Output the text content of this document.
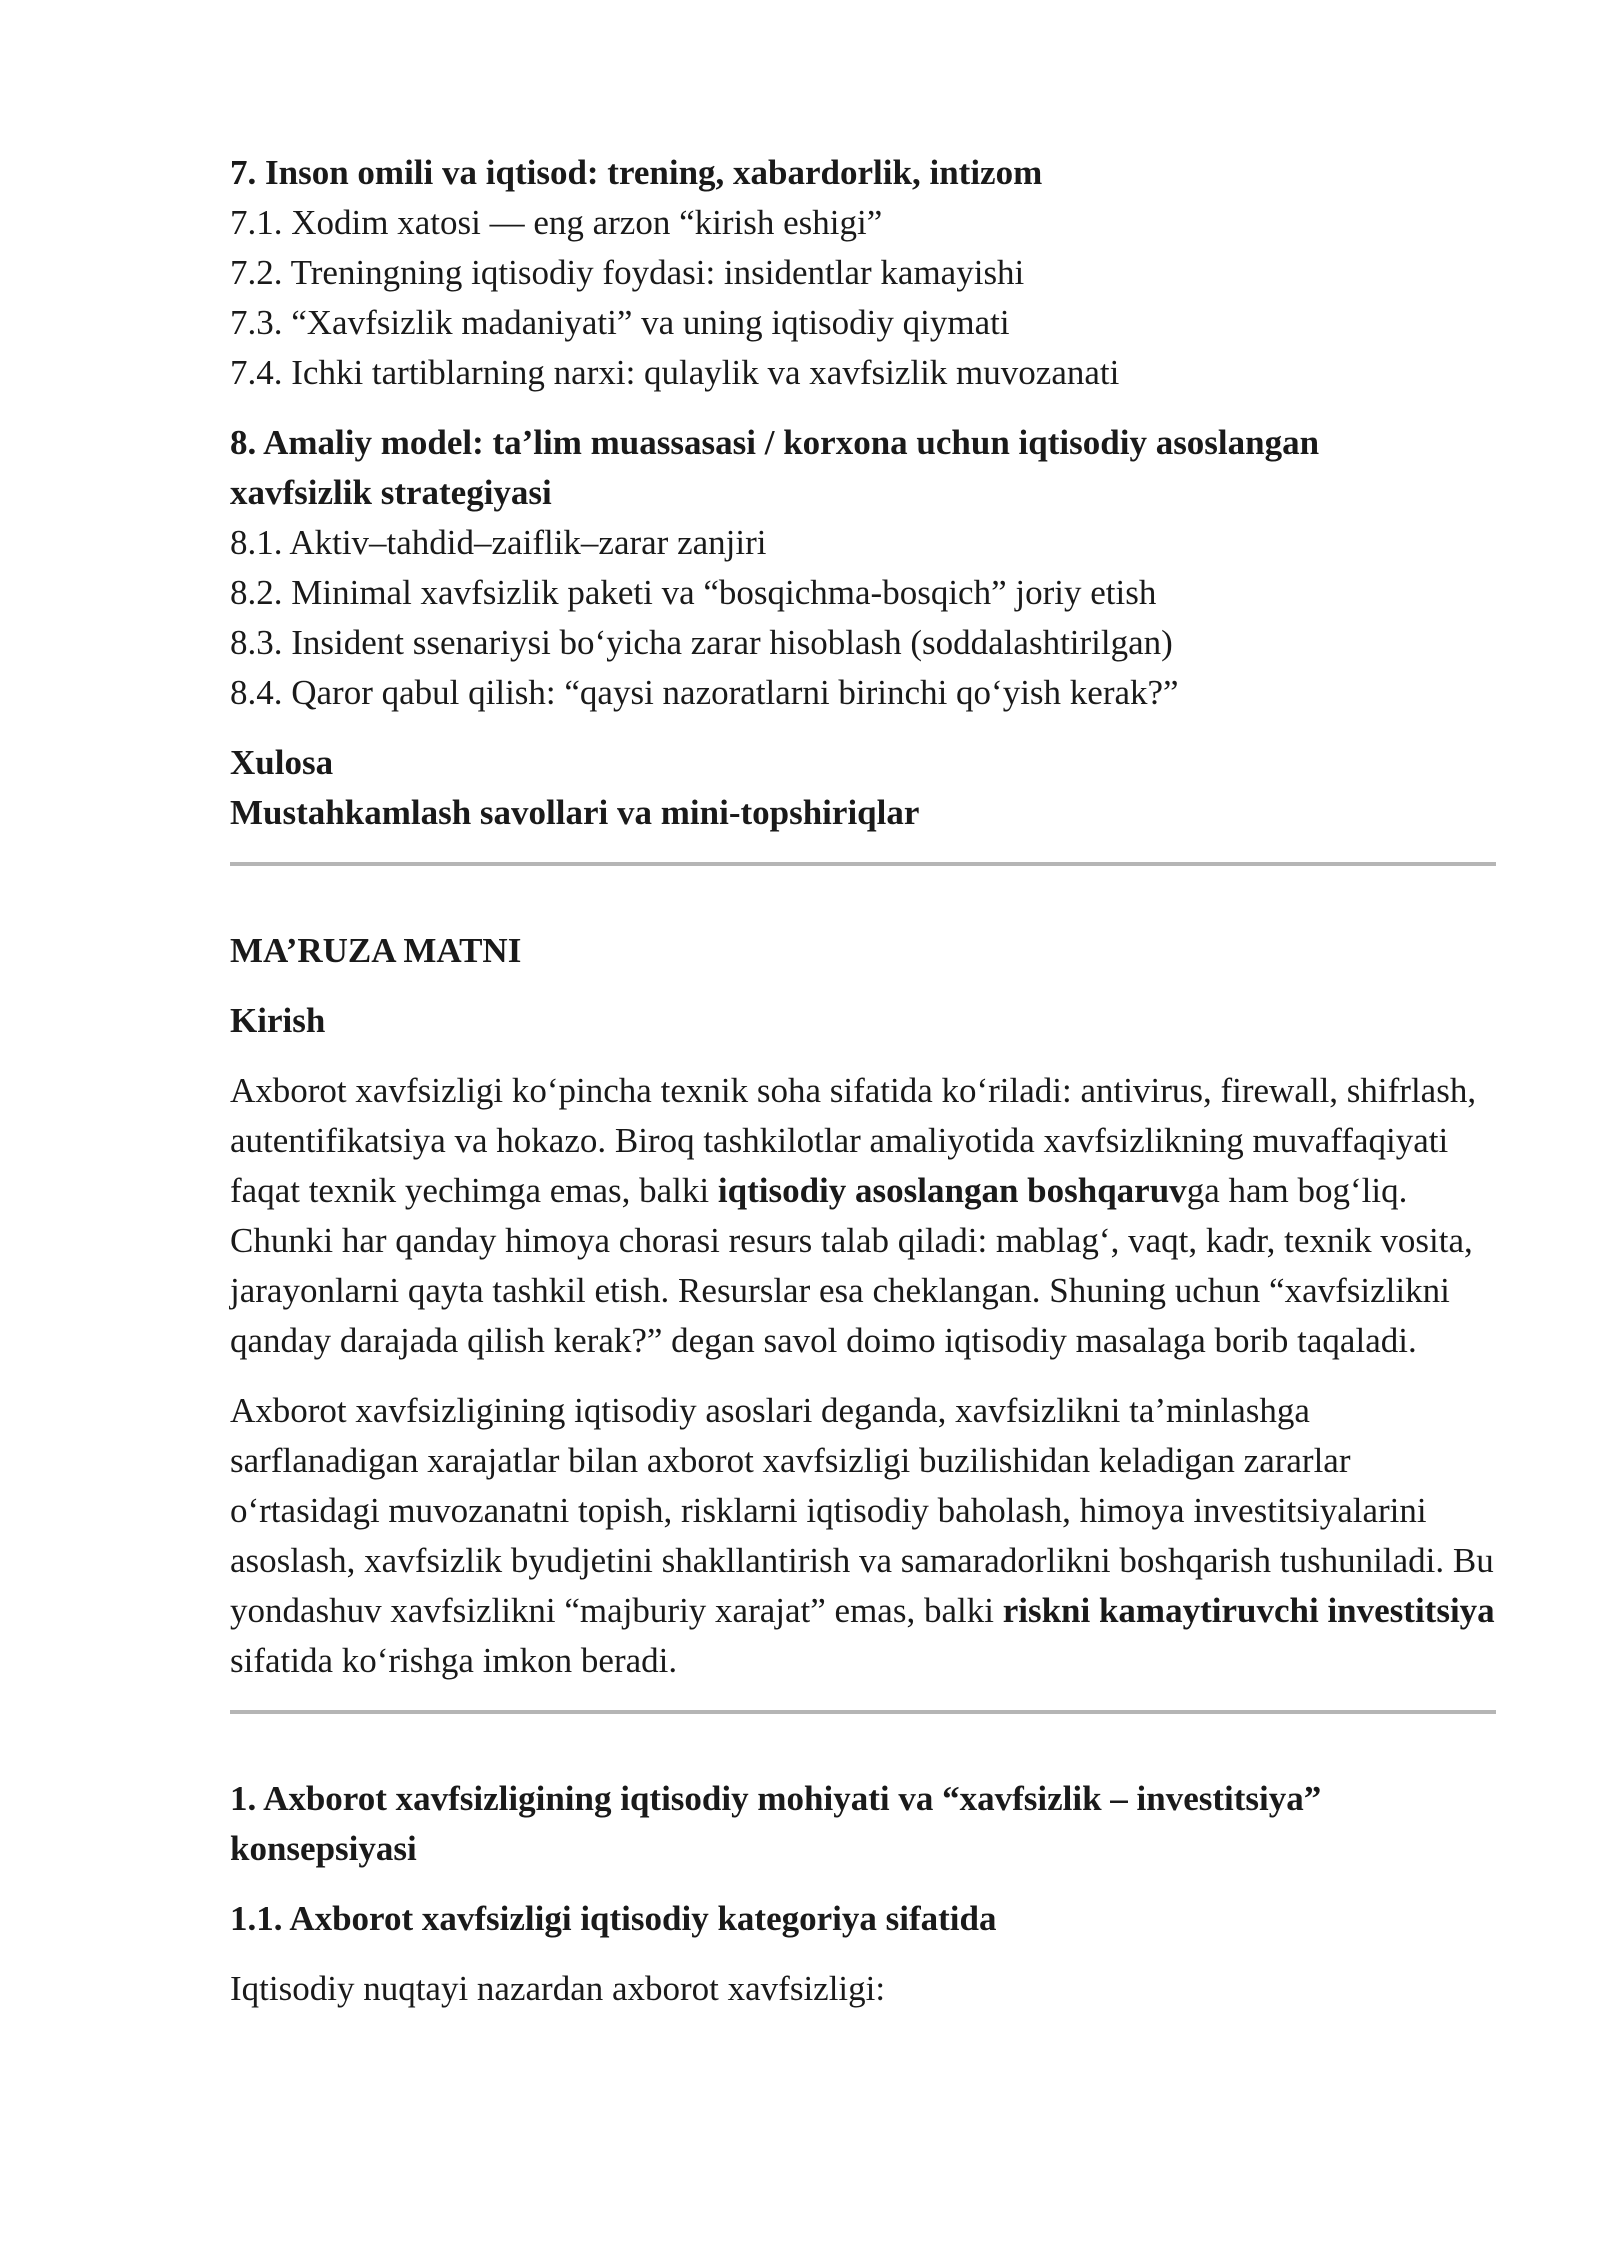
7. Inson omili va iqtisod: trening, xabardorlik, intizom

7.1. Xodim xatosi — eng arzon “kirish eshigi”

7.2. Treningning iqtisodiy foydasi: insidentlar kamayishi

7.3. “Xavfsizlik madaniyati” va uning iqtisodiy qiymati

7.4. Ichki tartiblarning narxi: qulaylik va xavfsizlik muvozanati

8. Amaliy model: ta’lim muassasasi / korxona uchun iqtisodiy asoslangan

xavfsizlik strategiyasi

8.1. Aktiv–tahdid–zaiflik–zarar zanjiri

8.2. Minimal xavfsizlik paketi va “bosqichma-bosqich” joriy etish

8.3. Insident ssenariysi bo‘yicha zarar hisoblash (soddalashtirilgan)

8.4. Qaror qabul qilish: “qaysi nazoratlarni birinchi qo‘yish kerak?”

Xulosa

Mustahkamlash savollari va mini-topshiriqlar

MA’RUZA MATNI

Kirish

Axborot xavfsizligi ko‘pincha texnik soha sifatida ko‘riladi: antivirus, firewall, shifrlash, autentifikatsiya va hokazo. Biroq tashkilotlar amaliyotida xavfsizlikning muvaffaqiyati faqat texnik yechimga emas, balki iqtisodiy asoslangan boshqaruvga ham bog‘liq. Chunki har qanday himoya chorasi resurs talab qiladi: mablag‘, vaqt, kadr, texnik vosita, jarayonlarni qayta tashkil etish. Resurslar esa cheklangan. Shuning uchun “xavfsizlikni qanday darajada qilish kerak?” degan savol doimo iqtisodiy masalaga borib taqaladi.

Axborot xavfsizligining iqtisodiy asoslari deganda, xavfsizlikni ta’minlashga sarflanadigan xarajatlar bilan axborot xavfsizligi buzilishidan keladigan zararlar o‘rtasidagi muvozanatni topish, risklarni iqtisodiy baholash, himoya investitsiyalarini asoslash, xavfsizlik byudjetini shakllantirish va samaradorlikni boshqarish tushuniladi. Bu yondashuv xavfsizlikni “majburiy xarajat” emas, balki riskni kamaytiruvchi investitsiya sifatida ko‘rishga imkon beradi.

1. Axborot xavfsizligining iqtisodiy mohiyati va “xavfsizlik – investitsiya”

konsepsiyasi

1.1. Axborot xavfsizligi iqtisodiy kategoriya sifatida

Iqtisodiy nuqtayi nazardan axborot xavfsizligi:
